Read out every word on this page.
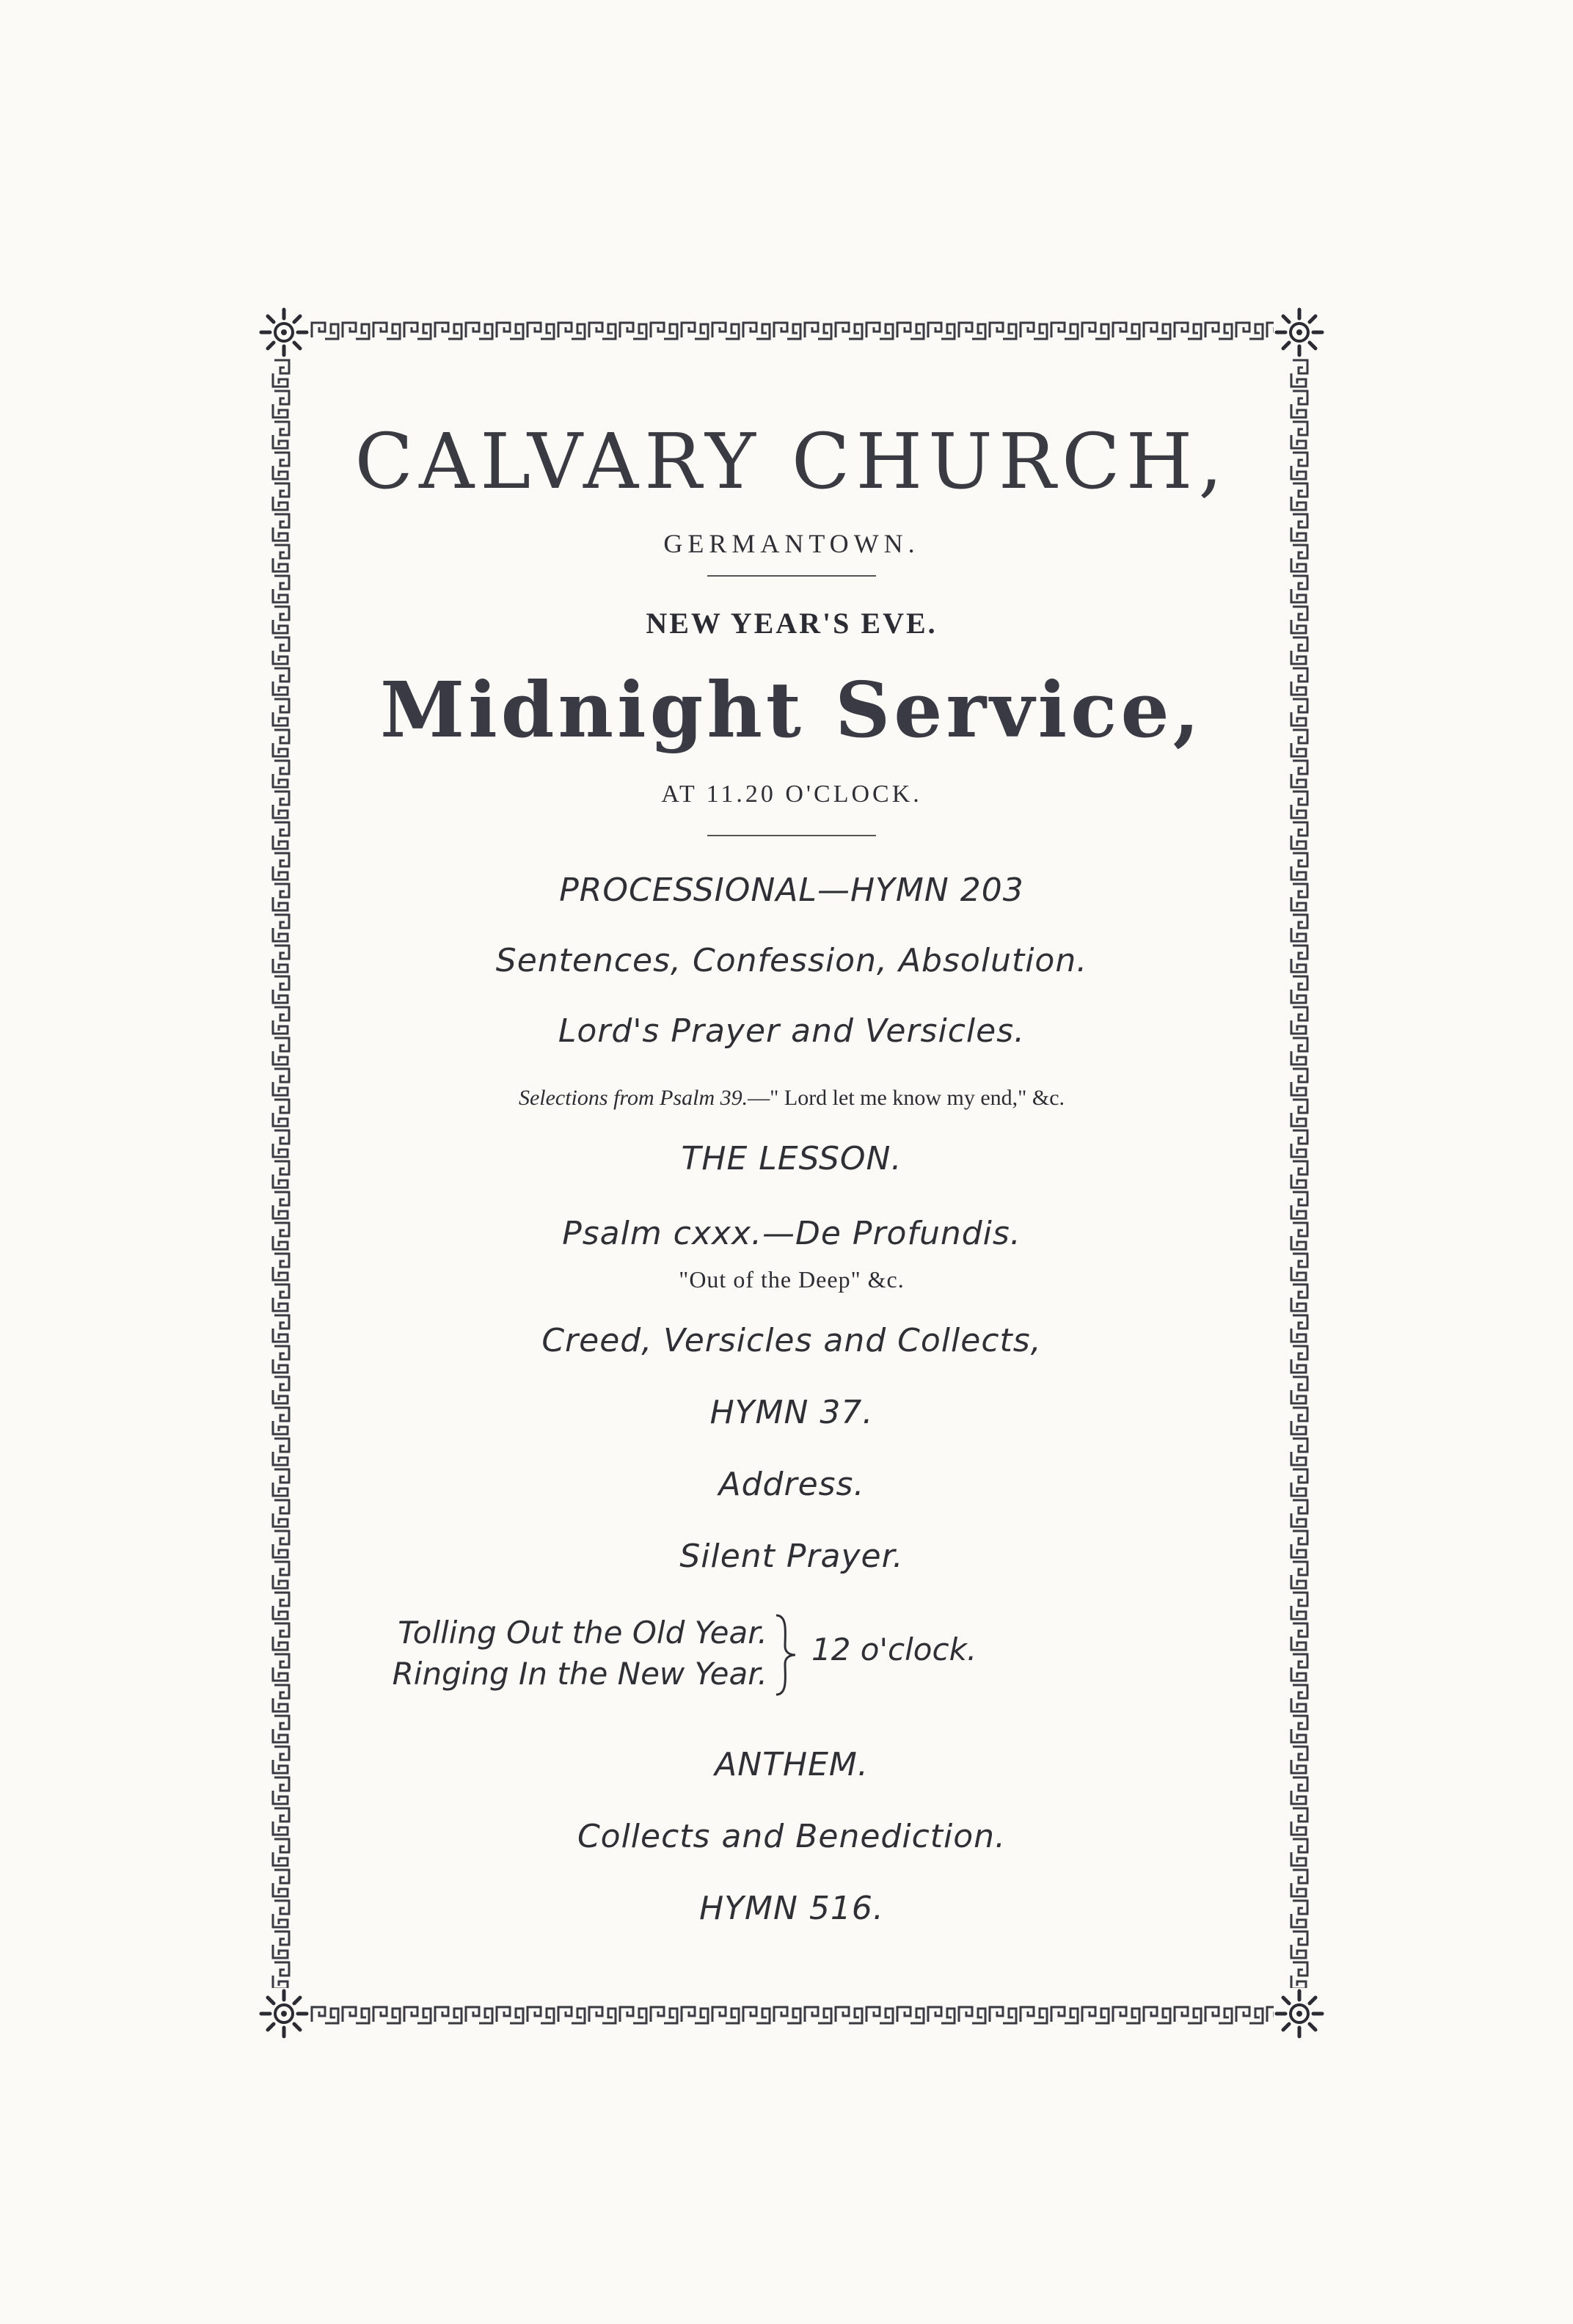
CALVARY CHURCH,
GERMANTOWN.
NEW YEAR'S EVE.
Midnight Service,
AT 11.20 O'CLOCK.
PROCESSIONAL—HYMN 203
Sentences, Confession, Absolution.
Lord's Prayer and Versicles.
Selections from Psalm 39.—" Lord let me know my end," &c.
THE LESSON.
Psalm cxxx.—De Profundis.
"Out of the Deep" &c.
Creed, Versicles and Collects,
HYMN 37.
Address.
Silent Prayer.
Tolling Out the Old Year.
Ringing In the New Year.
12 o'clock.
ANTHEM.
Collects and Benediction.
HYMN 516.
